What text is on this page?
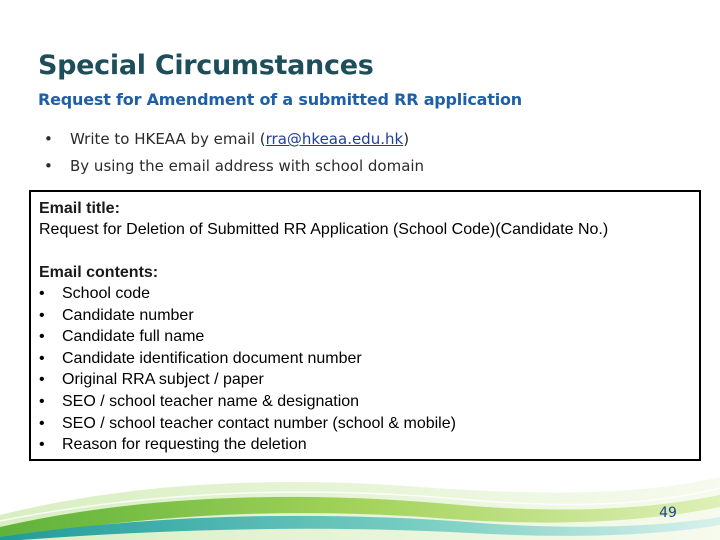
Special Circumstances
Request for Amendment of a submitted RR application
•	Write to HKEAA by email (rra@hkeaa.edu.hk)
•	By using the email address with school domain
Email title:
Request for Deletion of Submitted RR Application (School Code)(Candidate No.)
Email contents:
•	School code
•	Candidate number
•	Candidate full name
•	Candidate identification document number
•	Original RRA subject / paper
•	SEO / school teacher name & designation
•	SEO / school teacher contact number (school & mobile)
•	Reason for requesting the deletion
49
